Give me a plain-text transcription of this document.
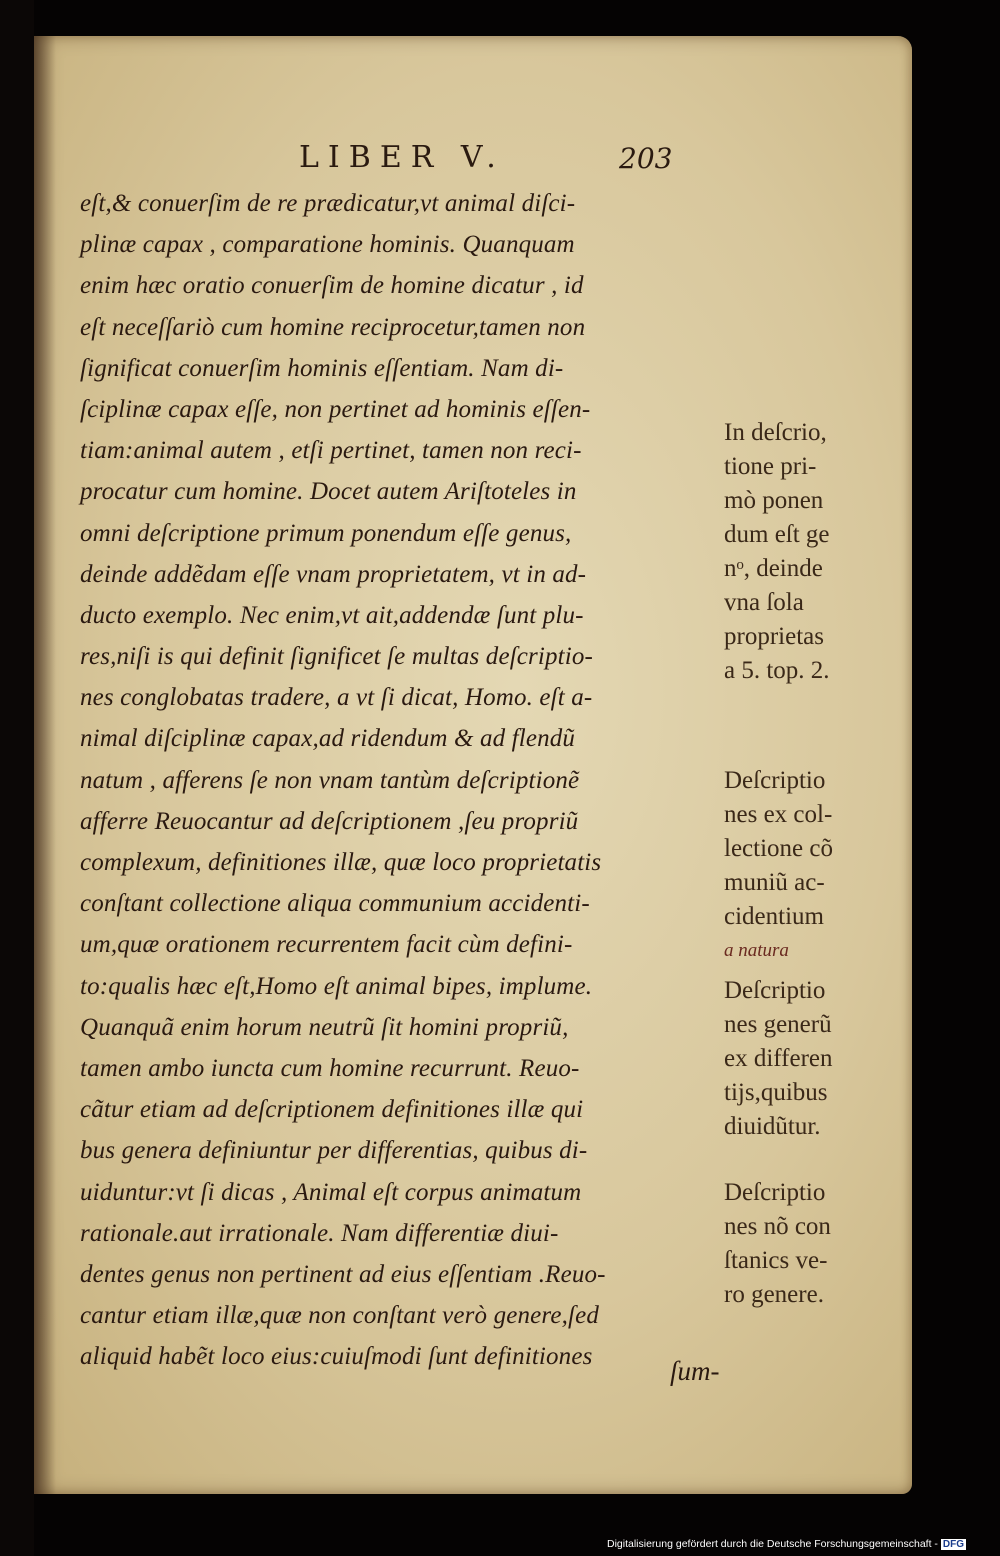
LIBER V.	203
eſt,& conuerſim de re prædicatur,vt animal diſci-
plinæ capax , comparatione hominis. Quanquam
enim hæc oratio conuerſim de homine dicatur , id
eſt neceſſariò cum homine reciprocetur,tamen non
ſignificat conuerſim hominis eſſentiam. Nam di-
ſciplinæ capax eſſe, non pertinet ad hominis eſſen-
tiam:animal autem , etſi pertinet, tamen non reci-
procatur cum homine. Docet autem Ariſtoteles in
omni deſcriptione primum ponendum eſſe genus,
deinde addẽdam eſſe vnam proprietatem, vt in ad-
ducto exemplo. Nec enim,vt ait,addendæ ſunt plu-
res,niſi is qui definit ſignificet ſe multas deſcriptio-
nes conglobatas tradere, a vt ſi dicat, Homo. eſt a-
nimal diſciplinæ capax,ad ridendum & ad flendũ
natum , afferens ſe non vnam tantùm deſcriptionẽ
afferre Reuocantur ad deſcriptionem ,ſeu propriũ
complexum, definitiones illæ, quæ loco proprietatis
conſtant collectione aliqua communium accidenti-
um,quæ orationem recurrentem facit cùm defini-
to:qualis hæc eſt,Homo eſt animal bipes, implume.
Quanquã enim horum neutrũ ſit homini propriũ,
tamen ambo iuncta cum homine recurrunt. Reuo-
cãtur etiam ad deſcriptionem definitiones illæ qui
bus genera definiuntur per differentias, quibus di-
uiduntur:vt ſi dicas , Animal eſt corpus animatum
rationale.aut irrationale. Nam differentiæ diui-
dentes genus non pertinent ad eius eſſentiam .Reuo-
cantur etiam illæ,quæ non conſtant verò genere,ſed
aliquid habẽt loco eius:cuiuſmodi ſunt definitiones	ſum-
In deſcrio,
tione pri-
mò ponen
dum eſt ge
nᵒ, deinde
vna ſola
proprietas
a 5. top. 2.
Deſcriptio
nes ex col-
lectione cõ
muniũ ac-
cidentium
a natura
Deſcriptio
nes generũ
ex differen
tijs,quibus
diuidũtur.
Deſcriptio
nes nõ con
ſtanics ve-
ro genere.
Digitalisierung gefördert durch die Deutsche Forschungsgemeinschaft - DFG
